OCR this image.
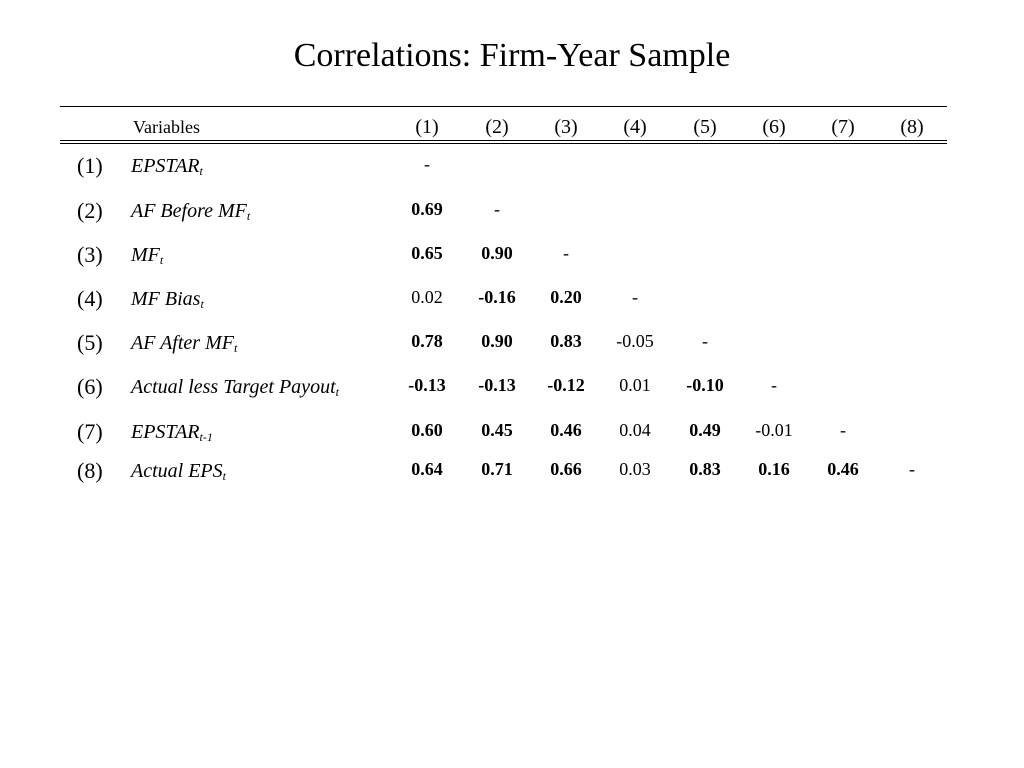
Correlations: Firm-Year Sample
Variables	(1)	(2)	(3)	(4)	(5)	(6)	(7)	(8)
(1) $EPSTAR_t$	-
(2) AF Before $MF_t$	0.69	-
(3) $MF_t$	0.65	0.90	-
(4) MF Bias$_t$	0.02	-0.16	0.20	-
(5) AF After $MF_t$	0.78	0.90	0.83	-0.05	-
(6) Actual less Target Payout$_t$	-0.13	-0.13	-0.12	0.01	-0.10	-
(7) $EPSTAR_{t-1}$	0.60	0.45	0.46	0.04	0.49	-0.01	-
(8) Actual $EPS_t$	0.64	0.71	0.66	0.03	0.83	0.16	0.46	-
